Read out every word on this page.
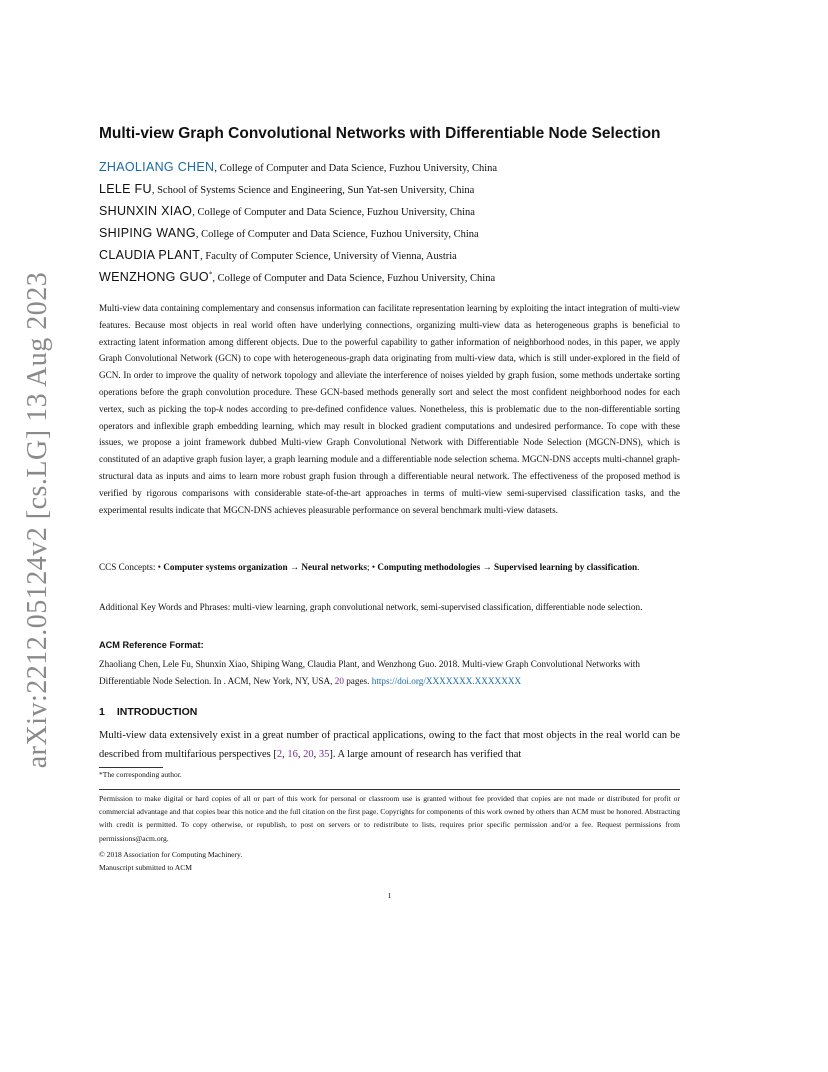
arXiv:2212.05124v2 [cs.LG] 13 Aug 2023
Multi-view Graph Convolutional Networks with Differentiable Node Selection
ZHAOLIANG CHEN, College of Computer and Data Science, Fuzhou University, China
LELE FU, School of Systems Science and Engineering, Sun Yat-sen University, China
SHUNXIN XIAO, College of Computer and Data Science, Fuzhou University, China
SHIPING WANG, College of Computer and Data Science, Fuzhou University, China
CLAUDIA PLANT, Faculty of Computer Science, University of Vienna, Austria
WENZHONG GUO*, College of Computer and Data Science, Fuzhou University, China
Multi-view data containing complementary and consensus information can facilitate representation learning by exploiting the intact integration of multi-view features. Because most objects in real world often have underlying connections, organizing multi-view data as heterogeneous graphs is beneficial to extracting latent information among different objects. Due to the powerful capability to gather information of neighborhood nodes, in this paper, we apply Graph Convolutional Network (GCN) to cope with heterogeneous-graph data originating from multi-view data, which is still under-explored in the field of GCN. In order to improve the quality of network topology and alleviate the interference of noises yielded by graph fusion, some methods undertake sorting operations before the graph convolution procedure. These GCN-based methods generally sort and select the most confident neighborhood nodes for each vertex, such as picking the top-k nodes according to pre-defined confidence values. Nonetheless, this is problematic due to the non-differentiable sorting operators and inflexible graph embedding learning, which may result in blocked gradient computations and undesired performance. To cope with these issues, we propose a joint framework dubbed Multi-view Graph Convolutional Network with Differentiable Node Selection (MGCN-DNS), which is constituted of an adaptive graph fusion layer, a graph learning module and a differentiable node selection schema. MGCN-DNS accepts multi-channel graph-structural data as inputs and aims to learn more robust graph fusion through a differentiable neural network. The effectiveness of the proposed method is verified by rigorous comparisons with considerable state-of-the-art approaches in terms of multi-view semi-supervised classification tasks, and the experimental results indicate that MGCN-DNS achieves pleasurable performance on several benchmark multi-view datasets.
CCS Concepts: • Computer systems organization → Neural networks; • Computing methodologies → Supervised learning by classification.
Additional Key Words and Phrases: multi-view learning, graph convolutional network, semi-supervised classification, differentiable node selection.
ACM Reference Format:
Zhaoliang Chen, Lele Fu, Shunxin Xiao, Shiping Wang, Claudia Plant, and Wenzhong Guo. 2018. Multi-view Graph Convolutional Networks with Differentiable Node Selection. In . ACM, New York, NY, USA, 20 pages. https://doi.org/XXXXXXX.XXXXXXX
1 INTRODUCTION
Multi-view data extensively exist in a great number of practical applications, owing to the fact that most objects in the real world can be described from multifarious perspectives [2, 16, 20, 35]. A large amount of research has verified that
*The corresponding author.
Permission to make digital or hard copies of all or part of this work for personal or classroom use is granted without fee provided that copies are not made or distributed for profit or commercial advantage and that copies bear this notice and the full citation on the first page. Copyrights for components of this work owned by others than ACM must be honored. Abstracting with credit is permitted. To copy otherwise, or republish, to post on servers or to redistribute to lists, requires prior specific permission and/or a fee. Request permissions from permissions@acm.org.
© 2018 Association for Computing Machinery.
Manuscript submitted to ACM
1
